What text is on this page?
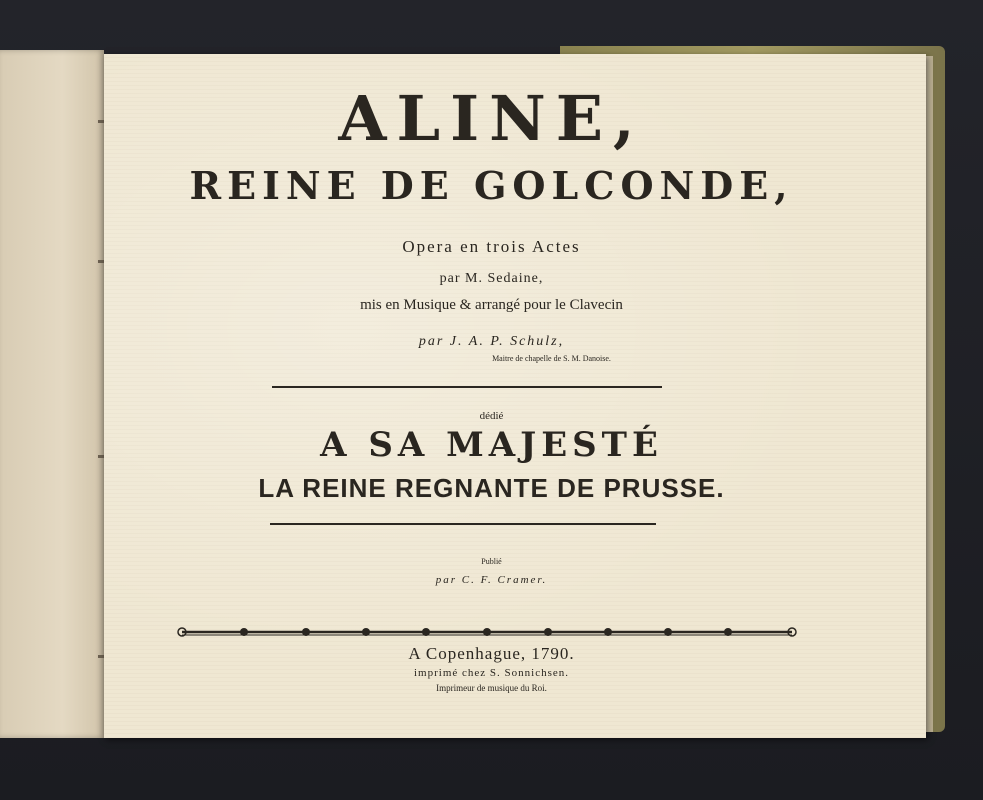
ALINE,
REINE DE GOLCONDE,
Opera en trois Actes
par M. Sedaine,
mis en Musique & arrangé pour le Clavecin
par J. A. P. Schulz,
Maitre de chapelle de S. M. Danoise.
dédié
A SA MAJESTÉ
LA REINE REGNANTE DE PRUSSE.
Publié
par C. F. Cramer.
A Copenhague, 1790.
imprimé chez S. Sonnichsen.
Imprimeur de musique du Roi.
